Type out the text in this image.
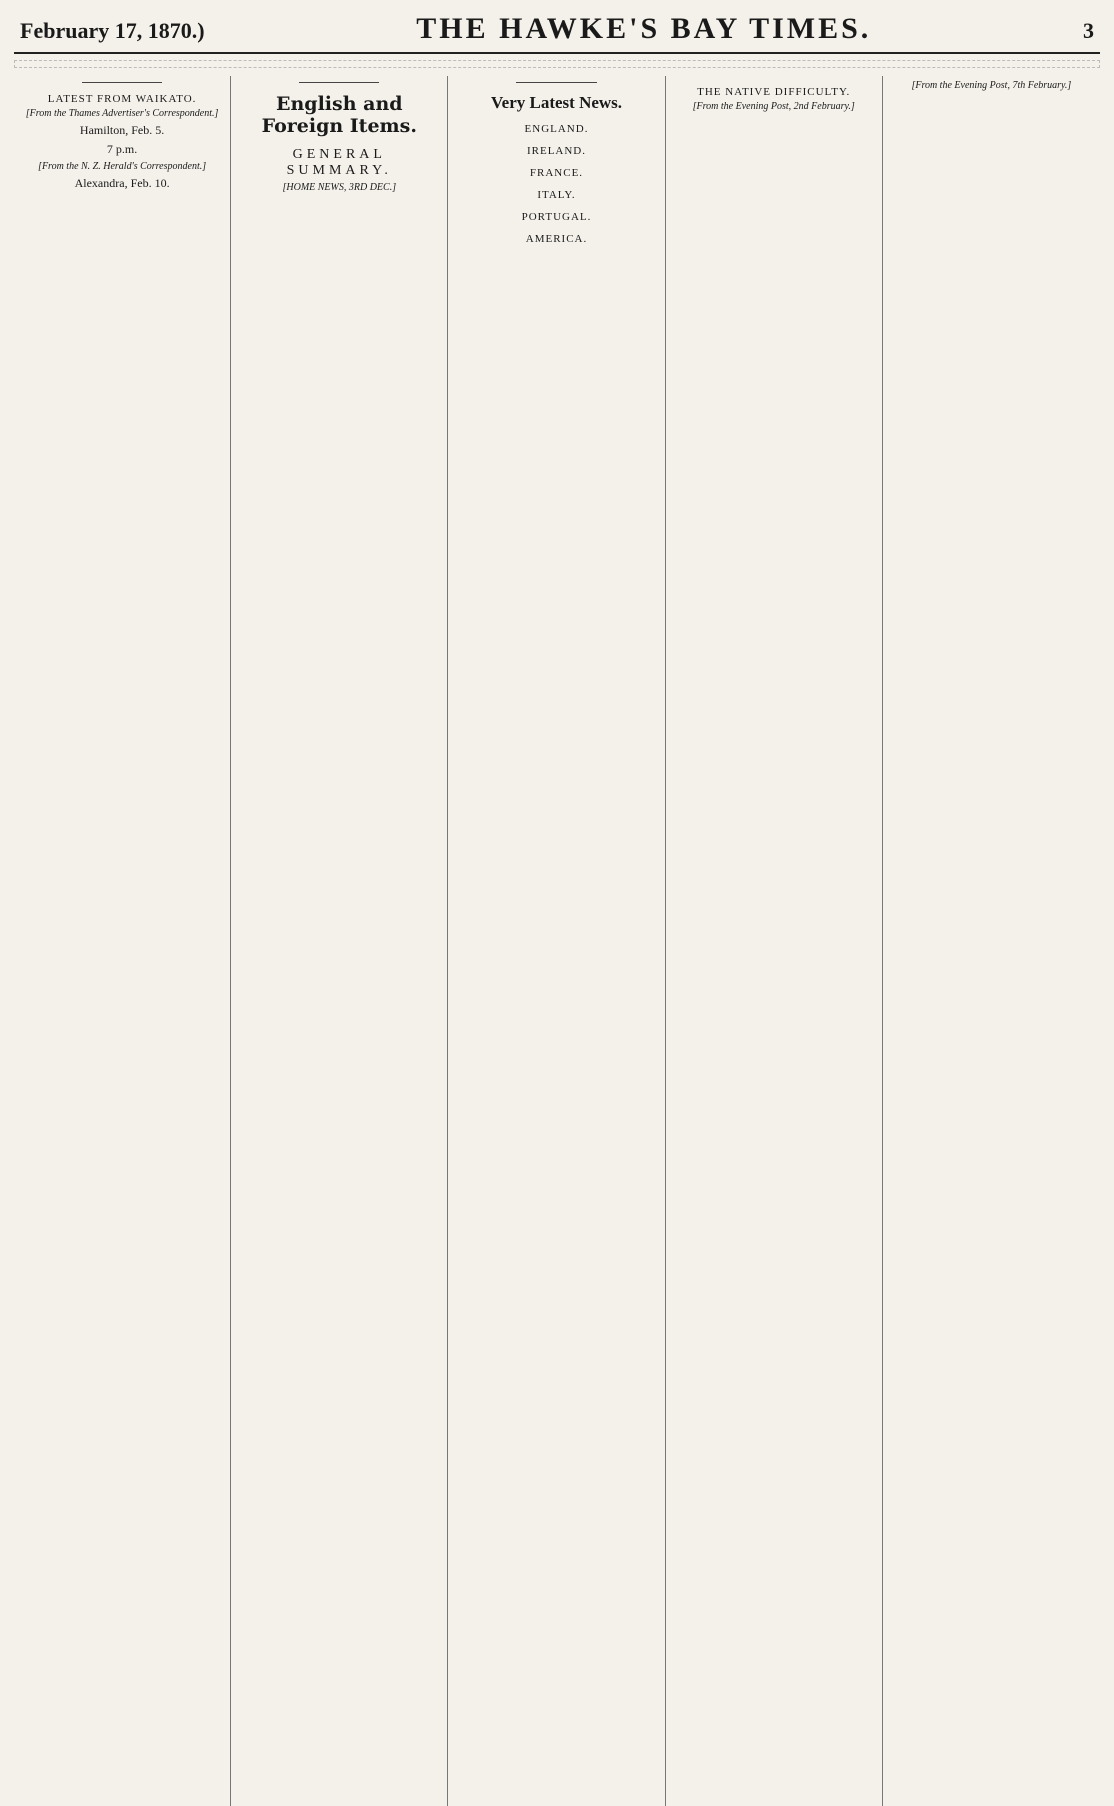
February 17, 1870.)	THE HAWKE'S BAY TIMES.	3
LATEST FROM WAIKATO.
[From the Thames Advertiser's Correspondent.]
Hamilton, Feb. 5.
7 p.m.
[From the N. Z. Herald's Correspondent.]
Alexandra, Feb. 10.
English and Foreign Items.
GENERAL SUMMARY.
[HOME NEWS, 3RD DEC.]
Very Latest News.
ENGLAND.
IRELAND.
FRANCE.
ITALY.
PORTUGAL.
AMERICA.
THE NATIVE DIFFICULTY.
[From the Evening Post, 2nd February.]
[From the Evening Post, 7th February.]
